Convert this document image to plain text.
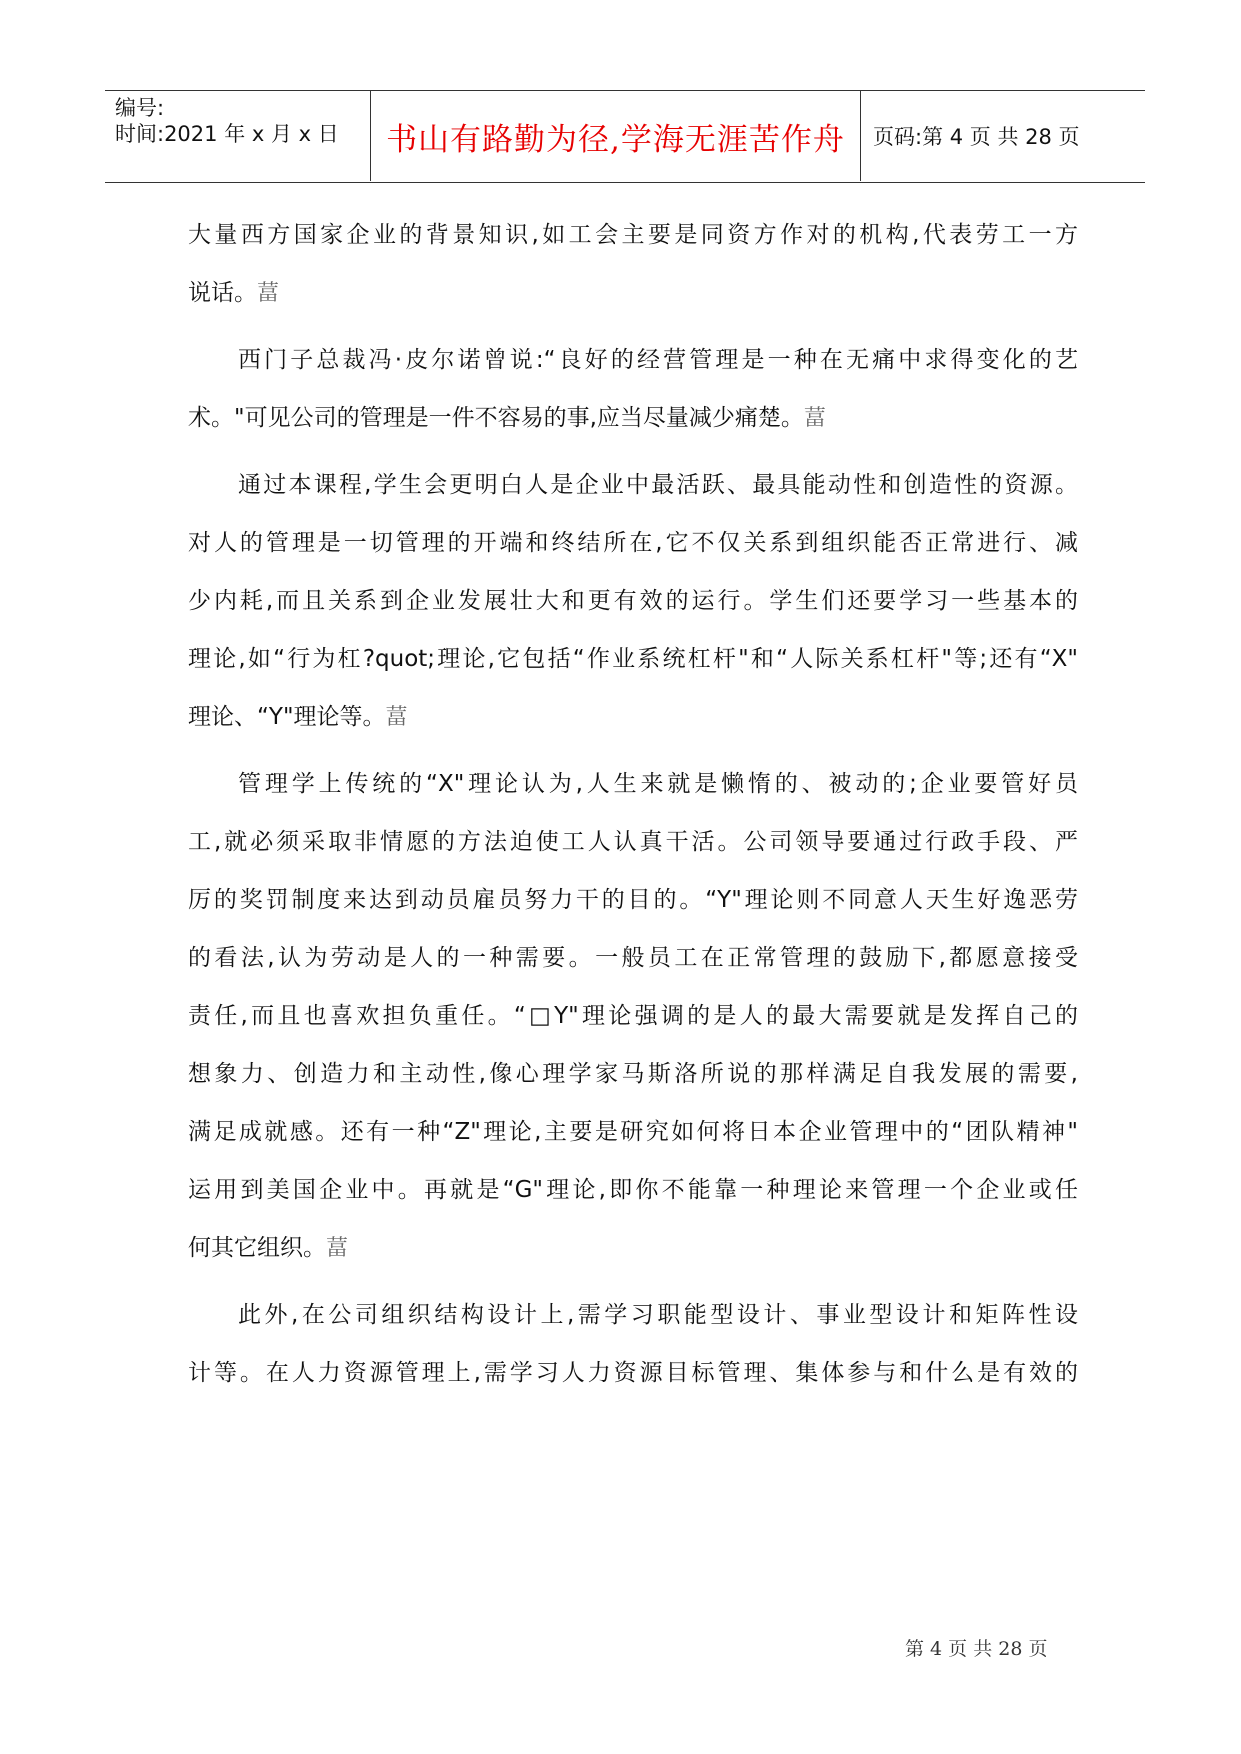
编号:
时间:2021 年 x 月 x 日	书山有路勤为径,学海无涯苦作舟	页码:第 4 页 共 28 页
大量西方国家企业的背景知识,如工会主要是同资方作对的机构,代表劳工一方
说话。葍
西门子总裁冯·皮尔诺曾说:“良好的经营管理是一种在无痛中求得变化的艺
术。"可见公司的管理是一件不容易的事,应当尽量减少痛楚。葍
通过本课程,学生会更明白人是企业中最活跃、最具能动性和创造性的资源。
对人的管理是一切管理的开端和终结所在,它不仅关系到组织能否正常进行、减
少内耗,而且关系到企业发展壮大和更有效的运行。学生们还要学习一些基本的
理论,如“行为杠?quot;理论,它包括“作业系统杠杆"和“人际关系杠杆"等;还有“X"
理论、“Y"理论等。葍
管理学上传统的“X"理论认为,人生来就是懒惰的、被动的;企业要管好员
工,就必须采取非情愿的方法迫使工人认真干活。公司领导要通过行政手段、严
厉的奖罚制度来达到动员雇员努力干的目的。“Y"理论则不同意人天生好逸恶劳
的看法,认为劳动是人的一种需要。一般员工在正常管理的鼓励下,都愿意接受
责任,而且也喜欢担负重任。“□Y"理论强调的是人的最大需要就是发挥自己的
想象力、创造力和主动性,像心理学家马斯洛所说的那样满足自我发展的需要,
满足成就感。还有一种“Z"理论,主要是研究如何将日本企业管理中的“团队精神"
运用到美国企业中。再就是“G"理论,即你不能靠一种理论来管理一个企业或任
何其它组织。葍
此外,在公司组织结构设计上,需学习职能型设计、事业型设计和矩阵性设
计等。在人力资源管理上,需学习人力资源目标管理、集体参与和什么是有效的
第 4 页 共 28 页
